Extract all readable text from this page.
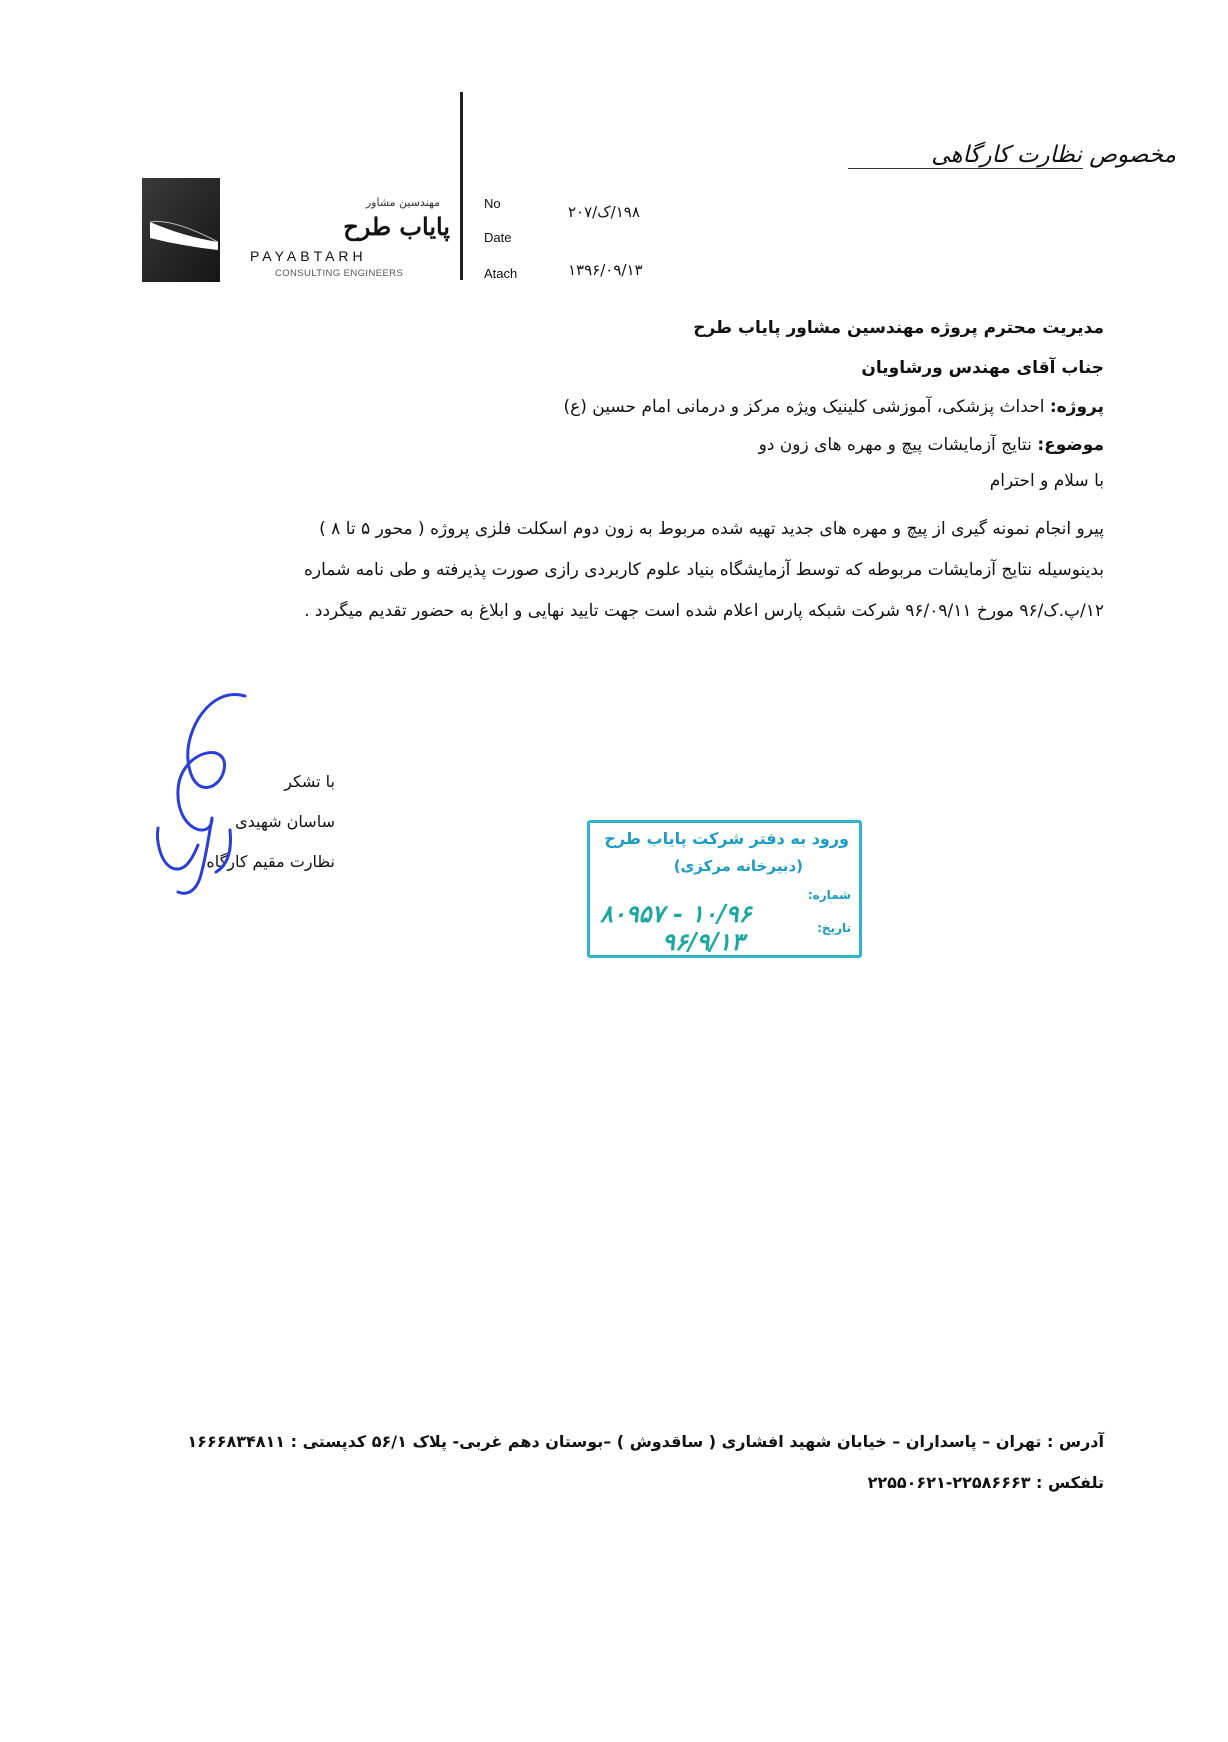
مخصوص نظارت کارگاهی
مهندسین مشاور
پایاب طرح
PAYABTARH
CONSULTING ENGINEERS
No	۱۹۸/ک/۲۰۷
Date
Atach	۱۳۹۶/۰۹/۱۳
مدیریت محترم پروژه مهندسین مشاور پایاب طرح
جناب آقای مهندس ورشاویان
پروژه: احداث پزشکی، آموزشی کلینیک ویژه مرکز و درمانی امام حسین (ع)
موضوع: نتایج آزمایشات پیچ و مهره های زون دو
با سلام و احترام
پیرو انجام نمونه گیری از پیچ و مهره های جدید تهیه شده مربوط به زون دوم اسکلت فلزی پروژه ( محور ۵ تا ۸ )
بدینوسیله نتایج آزمایشات مربوطه که توسط آزمایشگاه بنیاد علوم کاربردی رازی صورت پذیرفته و طی نامه شماره
۱۲/پ.ک/۹۶ مورخ ۹۶/۰۹/۱۱ شرکت شبکه پارس اعلام شده است جهت تایید نهایی و ابلاغ به حضور تقدیم میگردد .
با تشکر
ساسان شهیدی
نظارت مقیم کارگاه.
ورود به دفتر شرکت پایاب طرح
(دبیرخانه مرکزی)
شماره:
تاریخ:
۱۰/۹۶ - ۸۰۹۵۷
۹۶/۹/۱۳
آدرس : تهران – پاسداران – خیابان شهید افشاری ( ساقدوش ) –بوستان دهم غربی- پلاک ۵۶/۱ کدپستی : ۱۶۶۶۸۳۴۸۱۱
تلفکس : ۲۲۵۸۶۶۶۳-۲۲۵۵۰۶۲۱
